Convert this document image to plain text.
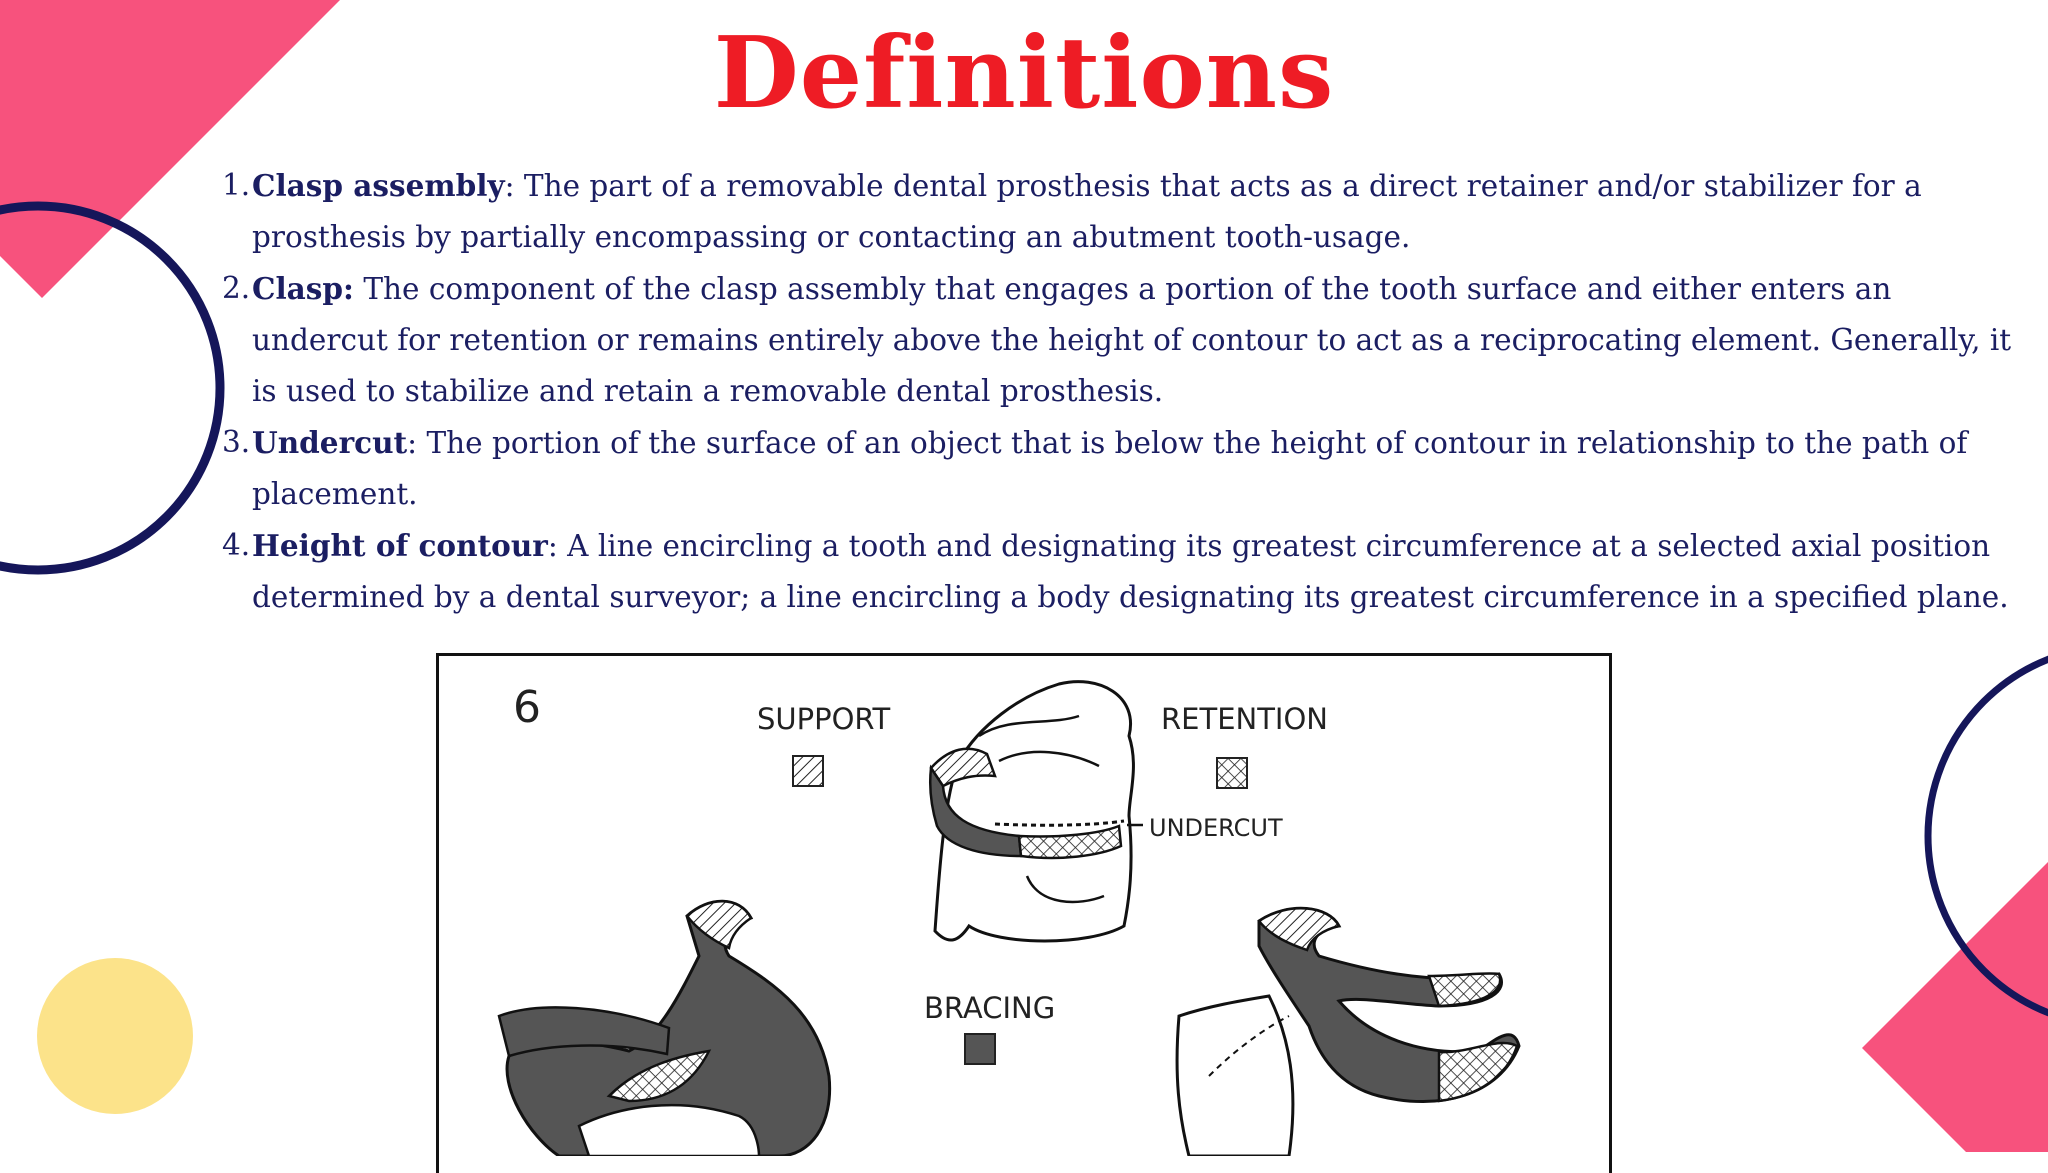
Definitions
1. Clasp assembly: The part of a removable dental prosthesis that acts as a direct retainer and/or stabilizer for a prosthesis by partially encompassing or contacting an abutment tooth-usage.
2. Clasp: The component of the clasp assembly that engages a portion of the tooth surface and either enters an undercut for retention or remains entirely above the height of contour to act as a reciprocating element. Generally, it is used to stabilize and retain a removable dental prosthesis.
3. Undercut: The portion of the surface of an object that is below the height of contour in relationship to the path of placement.
4. Height of contour: A line encircling a tooth and designating its greatest circumference at a selected axial position determined by a dental surveyor; a line encircling a body designating its greatest circumference in a specified plane.
6	SUPPORT	RETENTION
BRACING
UNDERCUT
